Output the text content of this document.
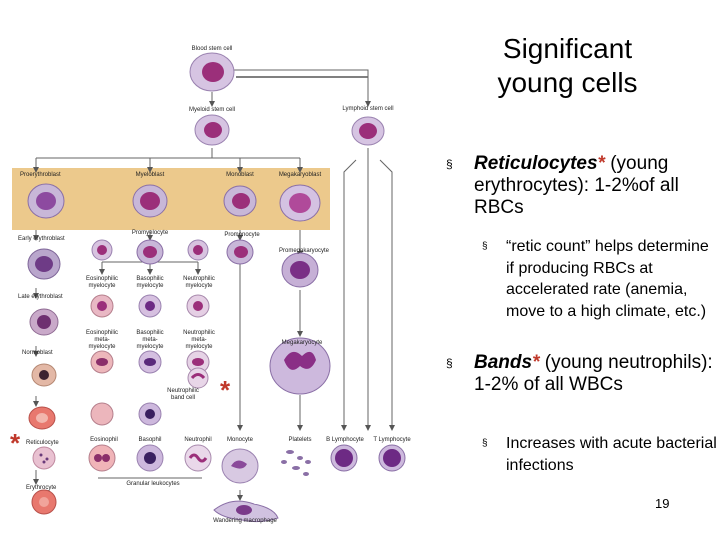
Blood stem cell
Myeloid stem cell	Lymphoid stem cell
Proerythroblast	Myeloblast	Monoblast	Megakaryoblast
Early erythroblast
Promyelocyte	Promonocyte
Promegakaryocyte
Eosinophilic
myelocyte
Basophilic
myelocyte
Neutrophilic
myelocyte
Late erythroblast
Eosinophilic
meta-
myelocyte
Basophilic
meta-
myelocyte
Neutrophilic
meta-
myelocyte
Normoblast
Megakaryocyte
Neutrophilic
band cell
Reticulocyte	Eosinophil	Basophil	Neutrophil	Monocyte	Platelets	B Lymphocyte	T Lymphocyte
Erythrocyte
Granular leukocytes
Wandering macrophage
*
*
Significant young cells
§	Reticulocytes* (young erythrocytes): 1-2%of all RBCs
§	“retic count” helps determine if producing RBCs at accelerated rate (anemia, move to a high climate, etc.)
§	Bands* (young neutrophils): 1-2% of all WBCs
§	Increases with acute bacterial infections
19
